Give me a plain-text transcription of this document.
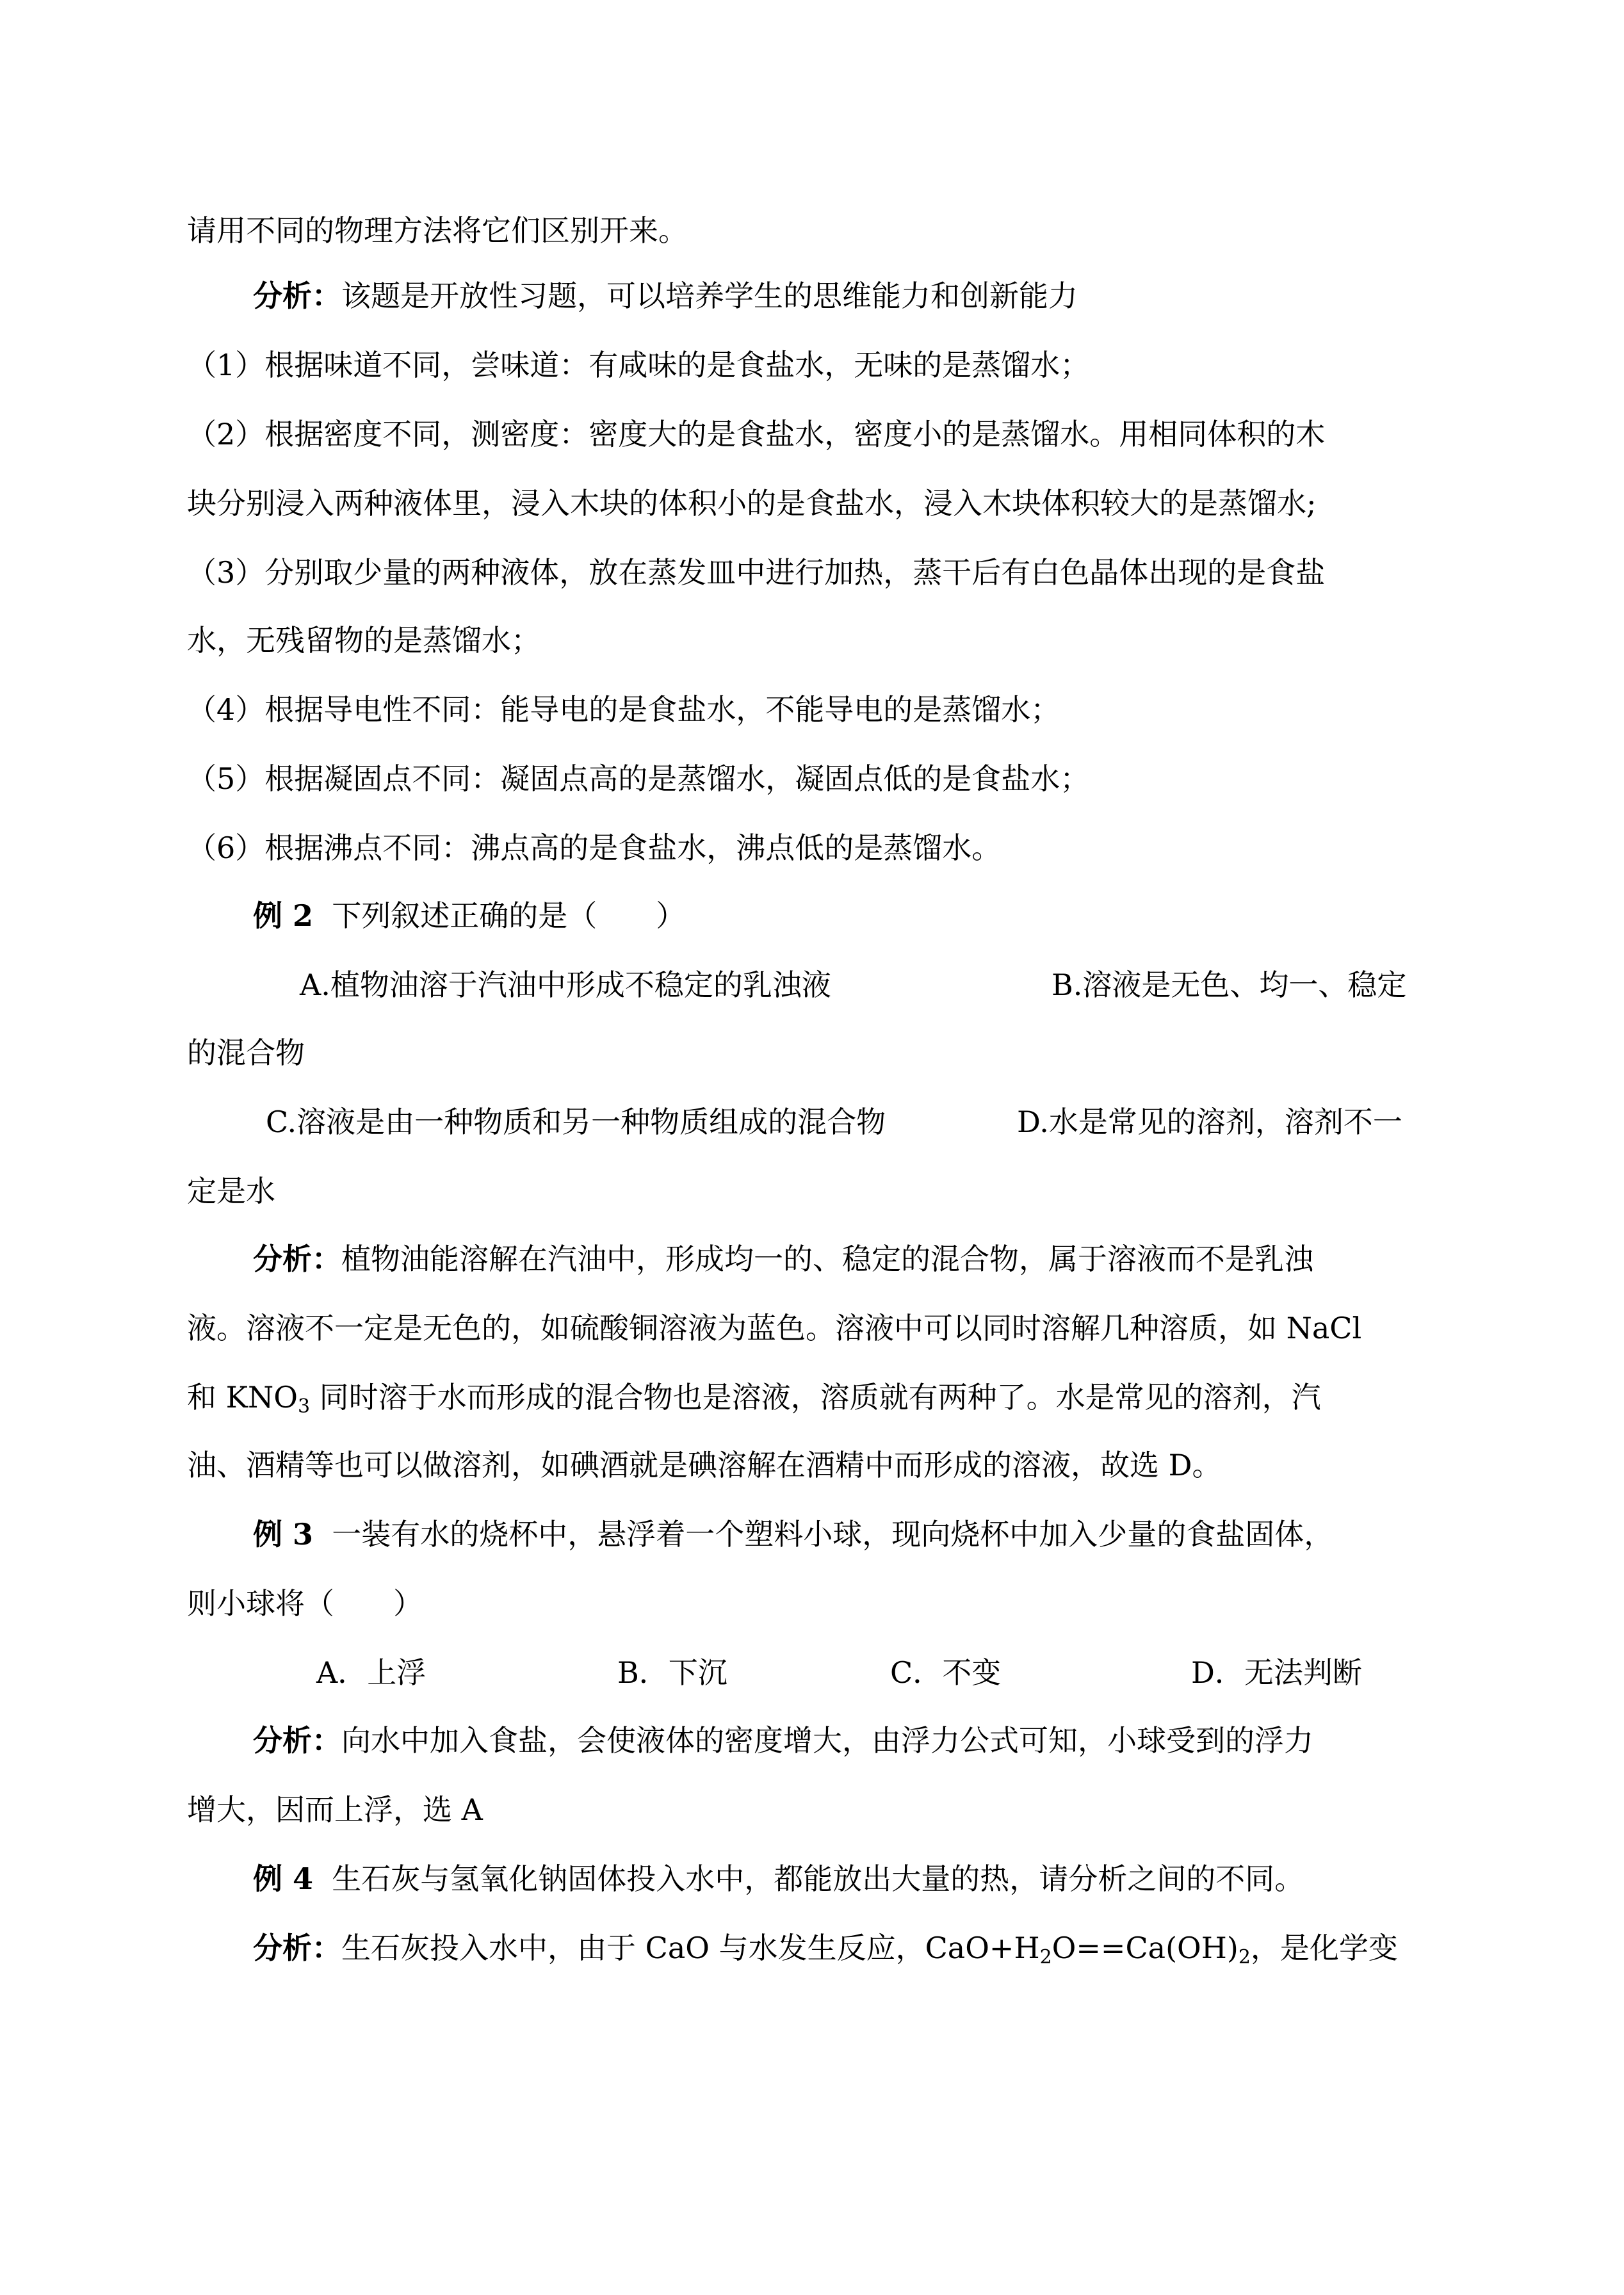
请用不同的物理方法将它们区别开来。

分析：该题是开放性习题，可以培养学生的思维能力和创新能力

（1）根据味道不同，尝味道：有咸味的是食盐水，无味的是蒸馏水；

（2）根据密度不同，测密度：密度大的是食盐水，密度小的是蒸馏水。用相同体积的木

块分别浸入两种液体里，浸入木块的体积小的是食盐水，浸入木块体积较大的是蒸馏水;

（3）分别取少量的两种液体，放在蒸发皿中进行加热，蒸干后有白色晶体出现的是食盐

水，无残留物的是蒸馏水；

（4）根据导电性不同：能导电的是食盐水，不能导电的是蒸馏水；

（5）根据凝固点不同：凝固点高的是蒸馏水，凝固点低的是食盐水；

（6）根据沸点不同：沸点高的是食盐水，沸点低的是蒸馏水。

例 2 下列叙述正确的是（　　）

A.植物油溶于汽油中形成不稳定的乳浊液	B.溶液是无色、均一、稳定

的混合物

C.溶液是由一种物质和另一种物质组成的混合物	D.水是常见的溶剂，溶剂不一

定是水

分析：植物油能溶解在汽油中，形成均一的、稳定的混合物，属于溶液而不是乳浊

液。溶液不一定是无色的，如硫酸铜溶液为蓝色。溶液中可以同时溶解几种溶质，如 NaCl

和 $KNO_3$ 同时溶于水而形成的混合物也是溶液，溶质就有两种了。水是常见的溶剂，汽

油、酒精等也可以做溶剂，如碘酒就是碘溶解在酒精中而形成的溶液，故选 D。

例 3 一装有水的烧杯中，悬浮着一个塑料小球，现向烧杯中加入少量的食盐固体，

则小球将（　　）

A．上浮	B．下沉	C．不变	D．无法判断

分析：向水中加入食盐，会使液体的密度增大，由浮力公式可知，小球受到的浮力

增大，因而上浮，选 A

例 4 生石灰与氢氧化钠固体投入水中，都能放出大量的热，请分析之间的不同。

分析：生石灰投入水中，由于 CaO 与水发生反应，$CaO+H_2O==Ca(OH)_2$，是化学变
